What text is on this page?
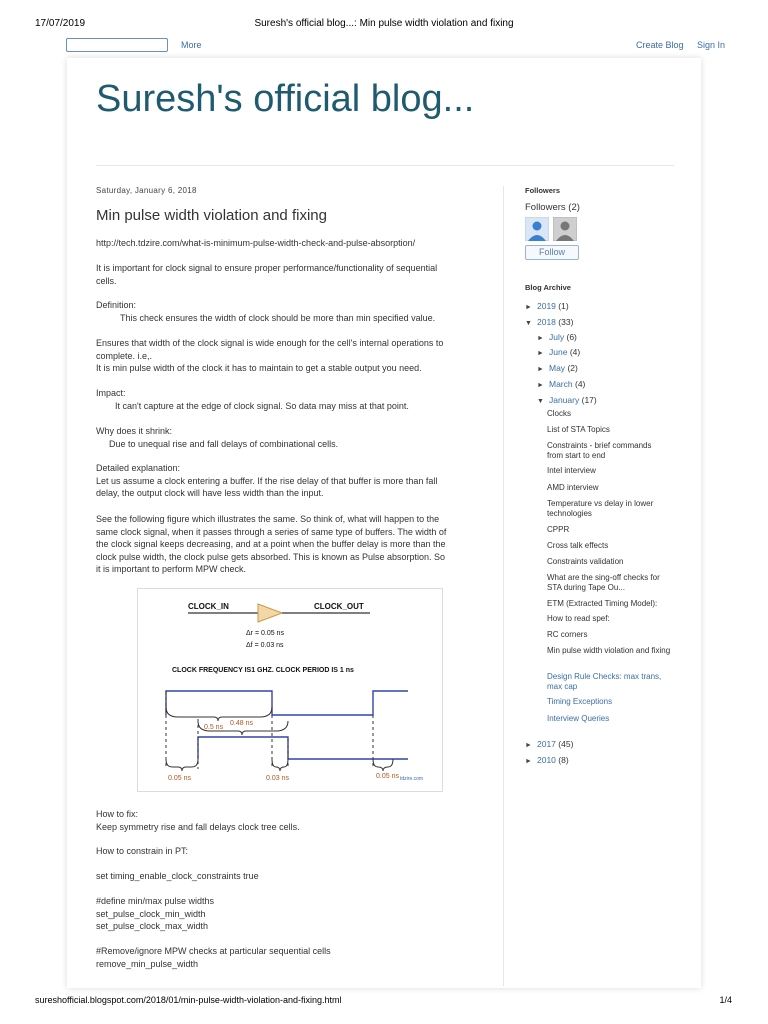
17/07/2019	Suresh's official blog...: Min pulse width violation and fixing
More	Create Blog Sign In
Suresh's official blog...
Saturday, January 6, 2018
Min pulse width violation and fixing

http://tech.tdzire.com/what-is-minimum-pulse-width-check-and-pulse-absorption/

It is important for clock signal to ensure proper performance/functionality of sequential

cells.

Definition:

This check ensures the width of clock should be more than min specified value.

Ensures that width of the clock signal is wide enough for the cell's internal operations to

complete. i.e,.

It is min pulse width of the clock it has to maintain to get a stable output you need.

Impact:

It can't capture at the edge of clock signal. So data may miss at that point.

Why does it shrink:

Due to unequal rise and fall delays of combinational cells.

Detailed explanation:

Let us assume a clock entering a buffer. If the rise delay of that buffer is more than fall

delay, the output clock will have less width than the input.

See the following figure which illustrates the same. So think of, what will happen to the

same clock signal, when it passes through a series of same type of buffers. The width of

the clock signal keeps decreasing, and at a point when the buffer delay is more than the

clock pulse width, the clock pulse gets absorbed. This is known as Pulse absorption. So

it is important to perform MPW check.

CLOCK_IN	CLOCK_OUT
Δr = 0.05 ns
Δf = 0.03 ns
CLOCK FREQUENCY IS1 GHZ. CLOCK PERIOD IS 1 ns
0.5 ns
0.48 ns
0.05 ns	0.03 ns	0.05 ns tdzire.com

How to fix:

Keep symmetry rise and fall delays clock tree cells.

How to constrain in PT:

set timing_enable_clock_constraints true

#define min/max pulse widths

set_pulse_clock_min_width

set_pulse_clock_max_width

#Remove/ignore MPW checks at particular sequential cells

remove_min_pulse_width

Followers
Followers (2)
Follow
Blog Archive
► 2019 (1)
▼ 2018 (33)
► July (6)
► June (4)
► May (2)
► March (4)
▼ January (17)
Clocks
List of STA Topics
Constraints - brief commands from start to end
Intel interview
AMD interview
Temperature vs delay in lower technologies
CPPR
Cross talk effects
Constraints validation
What are the sing-off checks for STA during Tape Ou...
ETM (Extracted Timing Model):
How to read spef:
RC corners
Min pulse width violation and fixing
Design Rule Checks: max trans, max cap
Timing Exceptions
Interview Queries
► 2017 (45)
► 2010 (8)
sureshofficial.blogspot.com/2018/01/min-pulse-width-violation-and-fixing.html	1/4
